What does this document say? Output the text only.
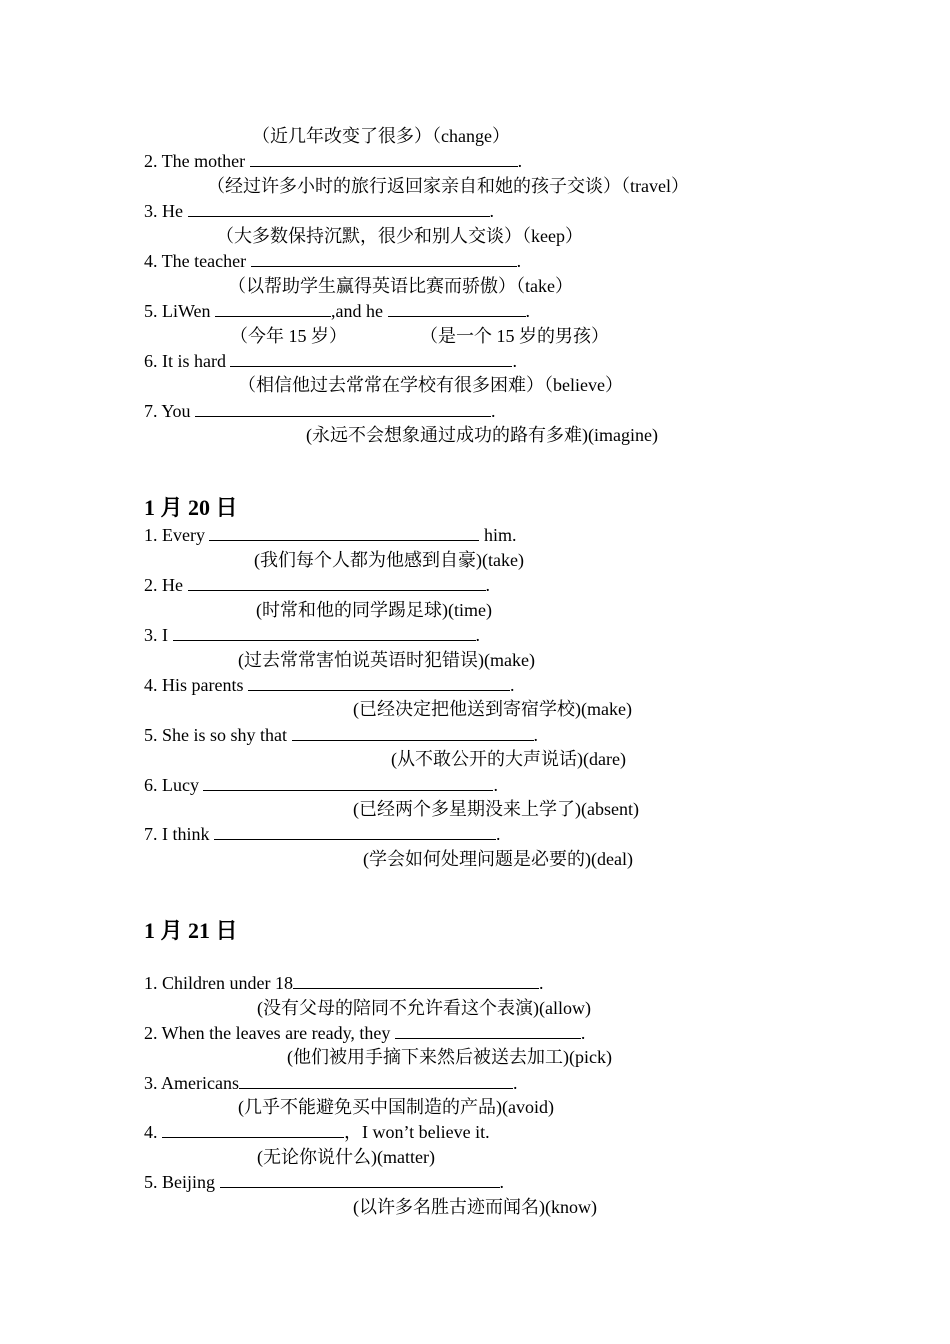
（近几年改变了很多）（change）
2. The mother	.
（经过许多小时的旅行返回家亲自和她的孩子交谈）（travel）
3. He	.
（大多数保持沉默，很少和别人交谈）（keep）
4. The teacher	.
（以帮助学生赢得英语比赛而骄傲）（take）
5. LiWen	,and he	.
（今年 15 岁）	（是一个 15 岁的男孩）
6. It is hard	.
（相信他过去常常在学校有很多困难）（believe）
7. You	.
(永远不会想象通过成功的路有多难)(imagine)
1 月 20 日
1. Every	him.
(我们每个人都为他感到自豪)(take)
2. He	.
(时常和他的同学踢足球)(time)
3. I	.
(过去常常害怕说英语时犯错误)(make)
4. His parents	.
(已经决定把他送到寄宿学校)(make)
5. She is so shy that	.
(从不敢公开的大声说话)(dare)
6. Lucy	.
(已经两个多星期没来上学了)(absent)
7. I think	.
(学会如何处理问题是必要的)(deal)
1 月 21 日
1. Children under 18	.
(没有父母的陪同不允许看这个表演)(allow)
2. When the leaves are ready, they	.
(他们被用手摘下来然后被送去加工)(pick)
3. Americans	.
(几乎不能避免买中国制造的产品)(avoid)
4.	，I won’t believe it.
(无论你说什么)(matter)
5. Beijing	.
(以许多名胜古迹而闻名)(know)
